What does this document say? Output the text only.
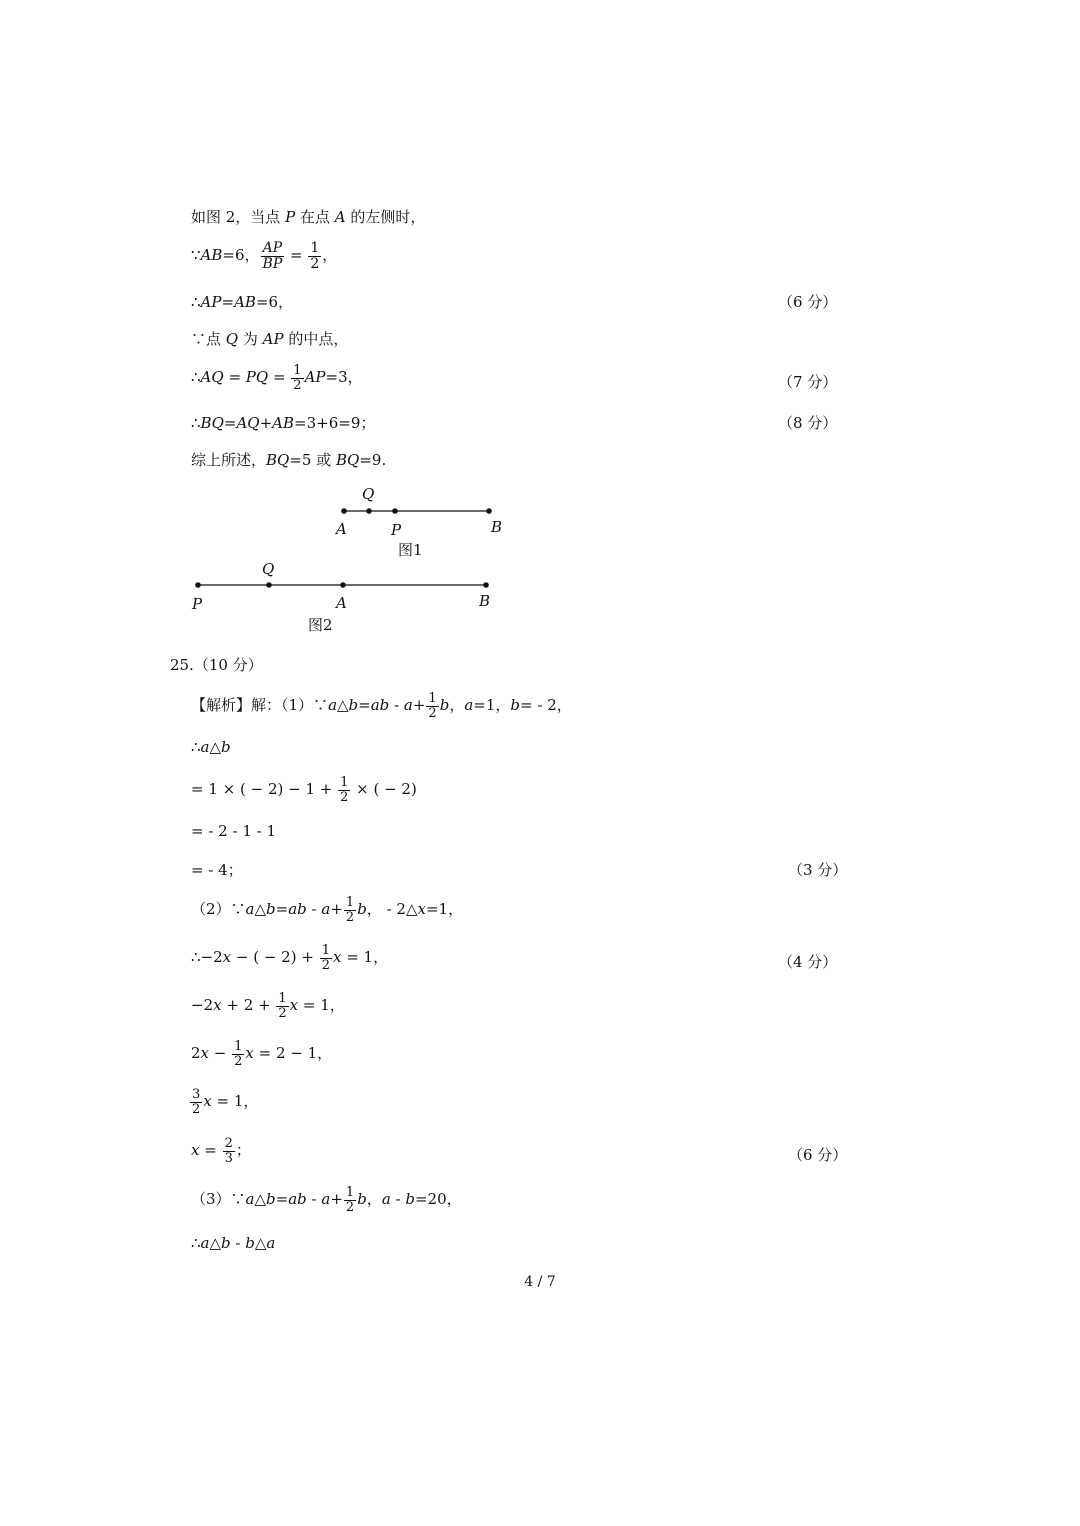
如图 2，当点 P 在点 A 的左侧时，
∵AB=6， $\frac{AP}{BP} = \frac{1}{2}$ ，
∴AP=AB=6，	（6 分）
∵点 Q 为 AP 的中点，
∴AQ = PQ = $\frac{1}{2} AP=3$，	（7 分）
∴BQ=AQ+AB=3+6=9；	（8 分）
综上所述，BQ=5 或 BQ=9.
Q
A	P	B
图1
Q
P	A	B
图2
25.（10 分）
【解析】解：（1）∵a△b=ab - $a+ \frac{1}{2}$ b，a=1，b= - 2，
∴a△b
= 1 × ( − $2) - 1 + \frac{1}{2}$ × ( − 2)
= - 2 - 1 - 1
= - 4；	（3 分）
（2）∵a△b=ab - $a+ \frac{1}{2}$ b， - 2△x=1，
∴−2x − ( − $2) + \frac{1}{2}$ x = 1，	（4 分）
$-2x + 2 + \frac{1}{2}$ x = 1，
$2x - \frac{1}{2}$ x = 2 − 1，
$\frac{3}{2}$ x = 1，
$x = \frac{2}{3}$ ；	（6 分）
（3）∵a△b=ab - $a+ \frac{1}{2}$ b，a - b=20，
∴a△b - b△a
4 / 7
